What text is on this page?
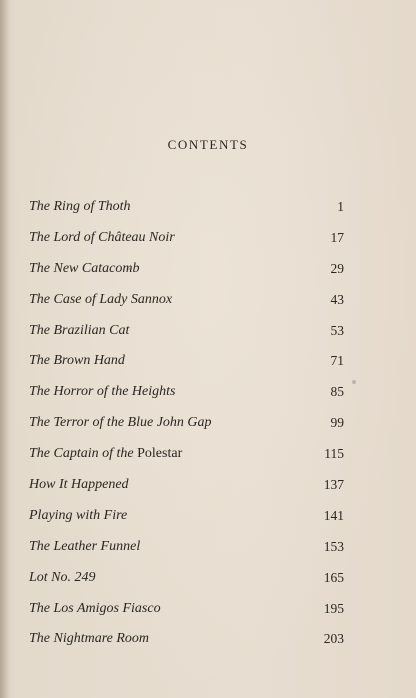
CONTENTS
The Ring of Thoth	1
The Lord of Château Noir	17
The New Catacomb	29
The Case of Lady Sannox	43
The Brazilian Cat	53
The Brown Hand	71
The Horror of the Heights	85
The Terror of the Blue John Gap	99
The Captain of the Polestar	115
How It Happened	137
Playing with Fire	141
The Leather Funnel	153
Lot No. 249	165
The Los Amigos Fiasco	195
The Nightmare Room	203
